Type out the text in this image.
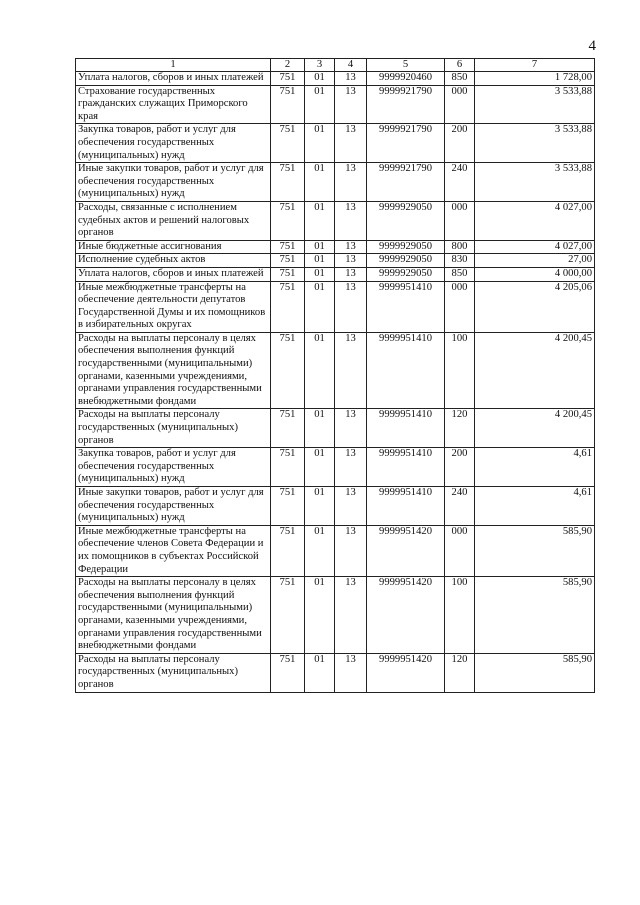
4
1	2	3	4	5	6	7
Уплата налогов, сборов и иных платежей	751	01	13	9999920460	850	1 728,00
Страхование государственных гражданских служащих Приморского края	751	01	13	9999921790	000	3 533,88
Закупка товаров, работ и услуг для обеспечения государственных (муниципальных) нужд	751	01	13	9999921790	200	3 533,88
Иные закупки товаров, работ и услуг для обеспечения государственных (муниципальных) нужд	751	01	13	9999921790	240	3 533,88
Расходы, связанные с исполнением судебных актов и решений налоговых органов	751	01	13	9999929050	000	4 027,00
Иные бюджетные ассигнования	751	01	13	9999929050	800	4 027,00
Исполнение судебных актов	751	01	13	9999929050	830	27,00
Уплата налогов, сборов и иных платежей	751	01	13	9999929050	850	4 000,00
Иные межбюджетные трансферты на обеспечение деятельности депутатов Государственной Думы и их помощников в избирательных округах	751	01	13	9999951410	000	4 205,06
Расходы на выплаты персоналу в целях обеспечения выполнения функций государственными (муниципальными) органами, казенными учреждениями, органами управления государственными внебюджетными фондами	751	01	13	9999951410	100	4 200,45
Расходы на выплаты персоналу государственных (муниципальных) органов	751	01	13	9999951410	120	4 200,45
Закупка товаров, работ и услуг для обеспечения государственных (муниципальных) нужд	751	01	13	9999951410	200	4,61
Иные закупки товаров, работ и услуг для обеспечения государственных (муниципальных) нужд	751	01	13	9999951410	240	4,61
Иные межбюджетные трансферты на обеспечение членов Совета Федерации и их помощников в субъектах Российской Федерации	751	01	13	9999951420	000	585,90
Расходы на выплаты персоналу в целях обеспечения выполнения функций государственными (муниципальными) органами, казенными учреждениями, органами управления государственными внебюджетными фондами	751	01	13	9999951420	100	585,90
Расходы на выплаты персоналу государственных (муниципальных) органов	751	01	13	9999951420	120	585,90
